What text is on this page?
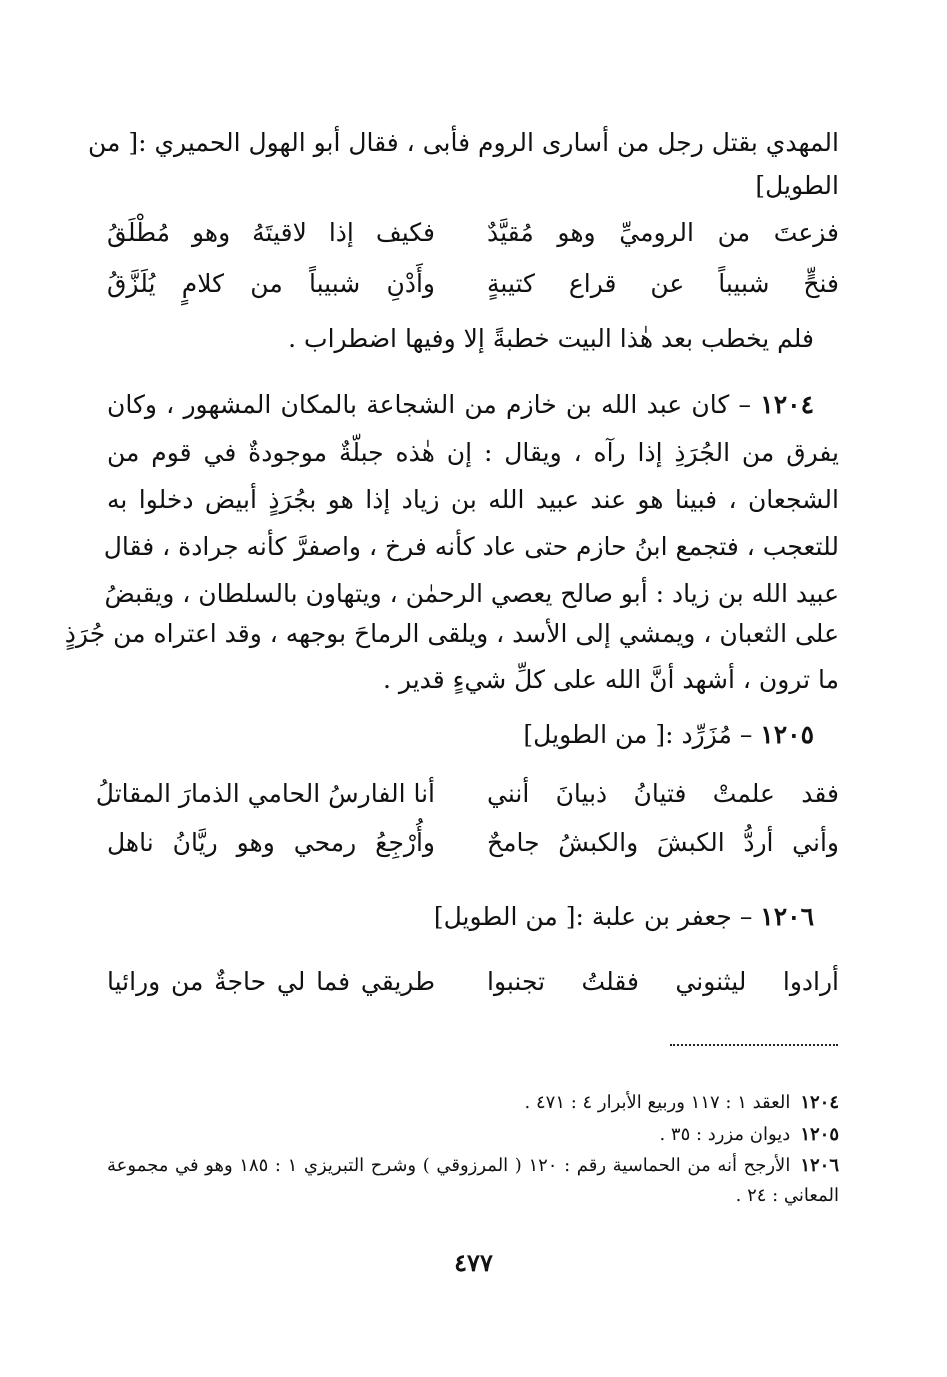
المهدي بقتل رجل من أسارى الروم فأبى ، فقال أبو الهول الحميري :[ من
الطويل]
فزعتَ من الروميِّ وهو مُقيَّدٌ
فكيف إذا لاقيتَهُ وهو مُطْلَقُ
فنحٍّ شبيباً عن قراع كتيبةٍ
وأَدْنِ شبيباً من كلامٍ يُلَزَّقُ
فلم يخطب بعد هٰذا البيت خطبةً إلا وفيها اضطراب .
١٢٠٤ – كان عبد الله بن خازم من الشجاعة بالمكان المشهور ، وكان
يفرق من الجُرَذِ إذا رآه ، ويقال : إن هٰذه جبلّةٌ موجودةٌ في قوم من
الشجعان ، فبينا هو عند عبيد الله بن زياد إذا هو بجُرَذٍ أبيض دخلوا به
للتعجب ، فتجمع ابنُ حازم حتى عاد كأنه فرخ ، واصفرَّ كأنه جرادة ، فقال
عبيد الله بن زياد : أبو صالح يعصي الرحمٰن ، ويتهاون بالسلطان ، ويقبضُ
على الثعبان ، ويمشي إلى الأسد ، ويلقى الرماحَ بوجهه ، وقد اعتراه من جُرَذٍ
ما ترون ، أشهد أنَّ الله على كلِّ شيءٍ قدير .
١٢٠٥ – مُزَرِّد :[ من الطويل]
فقد علمتْ فتيانُ ذبيانَ أنني
أنا الفارسُ الحامي الذمارَ المقاتلُ
وأني أردُّ الكبشَ والكبشُ جامحٌ
وأُرْجِعُ رمحي وهو ريَّانُ ناهل
١٢٠٦ – جعفر بن علبة :[ من الطويل]
أرادوا ليثنوني فقلتُ تجنبوا
طريقي فما لي حاجةٌ من ورائيا
١٢٠٤العقد ١ : ١١٧ وربيع الأبرار ٤ : ٤٧١ .
١٢٠٥ديوان مزرد : ٣٥ .
١٢٠٦الأرجح أنه من الحماسية رقم : ١٢٠ ( المرزوقي ) وشرح التبريزي ١ : ١٨٥ وهو في مجموعة
المعاني : ٢٤ .
٤٧٧
